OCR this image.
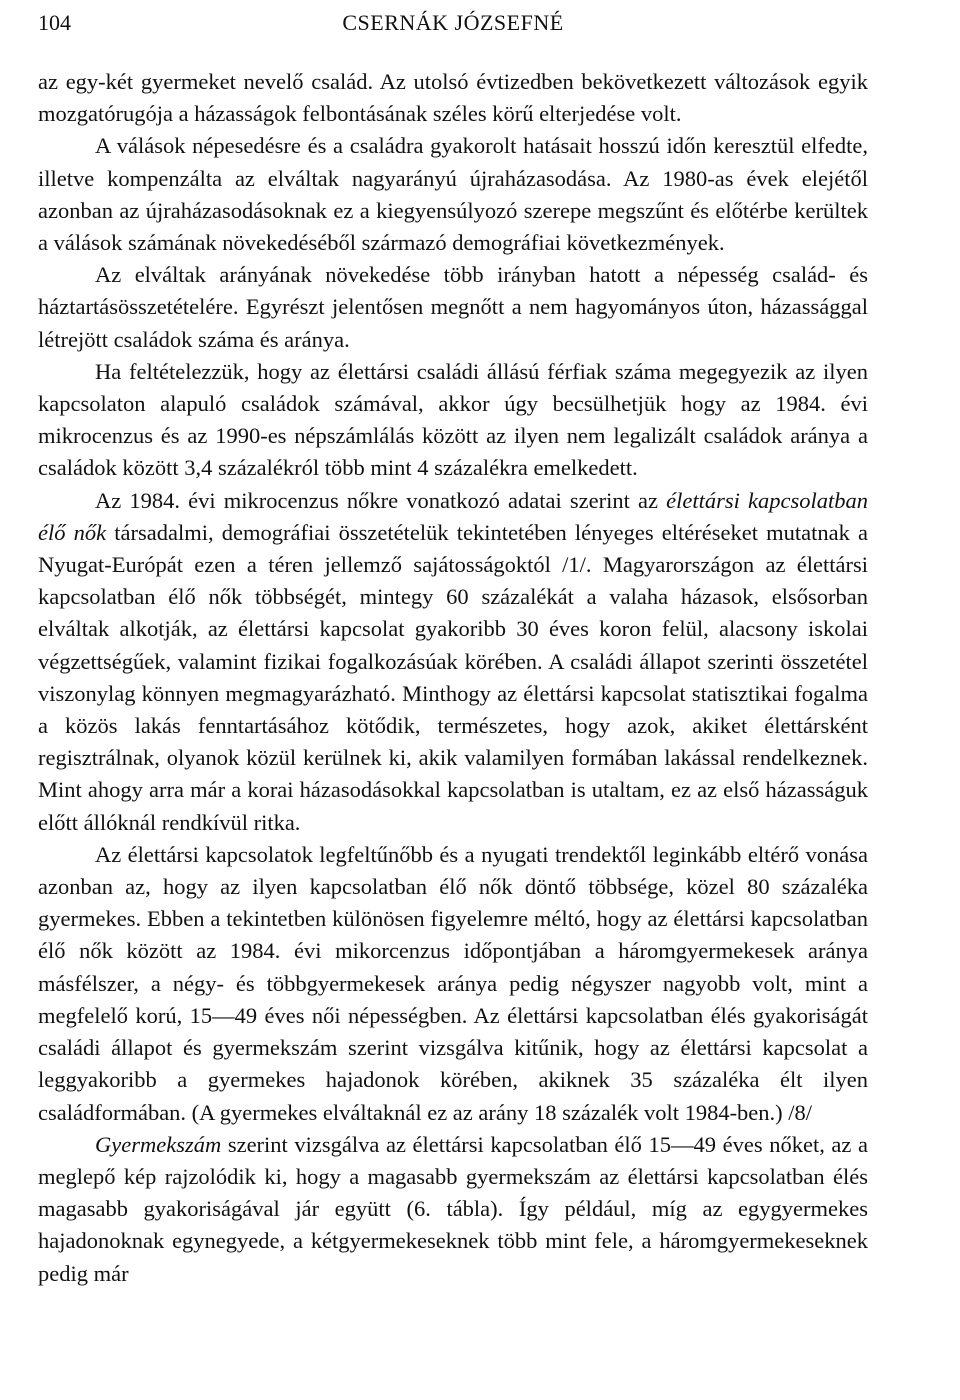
104	CSERNÁK JÓZSEFNÉ

az egy-két gyermeket nevelő család. Az utolsó évtizedben bekövetkezett változások egyik mozgatórugója a házasságok felbontásának széles körű elterjedése volt.

A válások népesedésre és a családra gyakorolt hatásait hosszú időn keresztül elfedte, illetve kompenzálta az elváltak nagyarányú újraházasodása. Az 1980-as évek elejétől azonban az újraházasodásoknak ez a kiegyensúlyozó szerepe megszűnt és előtérbe kerültek a válások számának növekedéséből származó demográfiai következmények.

Az elváltak arányának növekedése több irányban hatott a népesség család- és háztartásösszetételére. Egyrészt jelentősen megnőtt a nem hagyományos úton, házassággal létrejött családok száma és aránya.

Ha feltételezzük, hogy az élettársi családi állású férfiak száma megegyezik az ilyen kapcsolaton alapuló családok számával, akkor úgy becsülhetjük hogy az 1984. évi mikrocenzus és az 1990-es népszámlálás között az ilyen nem legalizált családok aránya a családok között 3,4 százalékról több mint 4 százalékra emelkedett.

Az 1984. évi mikrocenzus nőkre vonatkozó adatai szerint az élettársi kapcsolatban élő nők társadalmi, demográfiai összetételük tekintetében lényeges eltéréseket mutatnak a Nyugat-Európát ezen a téren jellemző sajátosságoktól /1/. Magyarországon az élettársi kapcsolatban élő nők többségét, mintegy 60 százalékát a valaha házasok, elsősorban elváltak alkotják, az élettársi kapcsolat gyakoribb 30 éves koron felül, alacsony iskolai végzettségűek, valamint fizikai fogalkozásúak körében. A családi állapot szerinti összetétel viszonylag könnyen megmagyarázható. Minthogy az élettársi kapcsolat statisztikai fogalma a közös lakás fenntartásához kötődik, természetes, hogy azok, akiket élettársként regisztrálnak, olyanok közül kerülnek ki, akik valamilyen formában lakással rendelkeznek. Mint ahogy arra már a korai házasodásokkal kapcsolatban is utaltam, ez az első házasságuk előtt állóknál rendkívül ritka.

Az élettársi kapcsolatok legfeltűnőbb és a nyugati trendektől leginkább eltérő vonása azonban az, hogy az ilyen kapcsolatban élő nők döntő többsége, közel 80 százaléka gyermekes. Ebben a tekintetben különösen figyelemre méltó, hogy az élettársi kapcsolatban élő nők között az 1984. évi mikorcenzus időpontjában a háromgyermekesek aránya másfélszer, a négy- és többgyermekesek aránya pedig négyszer nagyobb volt, mint a megfelelő korú, 15—49 éves női népességben. Az élettársi kapcsolatban élés gyakoriságát családi állapot és gyermekszám szerint vizsgálva kitűnik, hogy az élettársi kapcsolat a leggyakoribb a gyermekes hajadonok körében, akiknek 35 százaléka élt ilyen családformában. (A gyermekes elváltaknál ez az arány 18 százalék volt 1984-ben.) /8/

Gyermekszám szerint vizsgálva az élettársi kapcsolatban élő 15—49 éves nőket, az a meglepő kép rajzolódik ki, hogy a magasabb gyermekszám az élettársi kapcsolatban élés magasabb gyakoriságával jár együtt (6. tábla). Így például, míg az egygyermekes hajadonoknak egynegyede, a kétgyermekeseknek több mint fele, a háromgyermekeseknek pedig már
